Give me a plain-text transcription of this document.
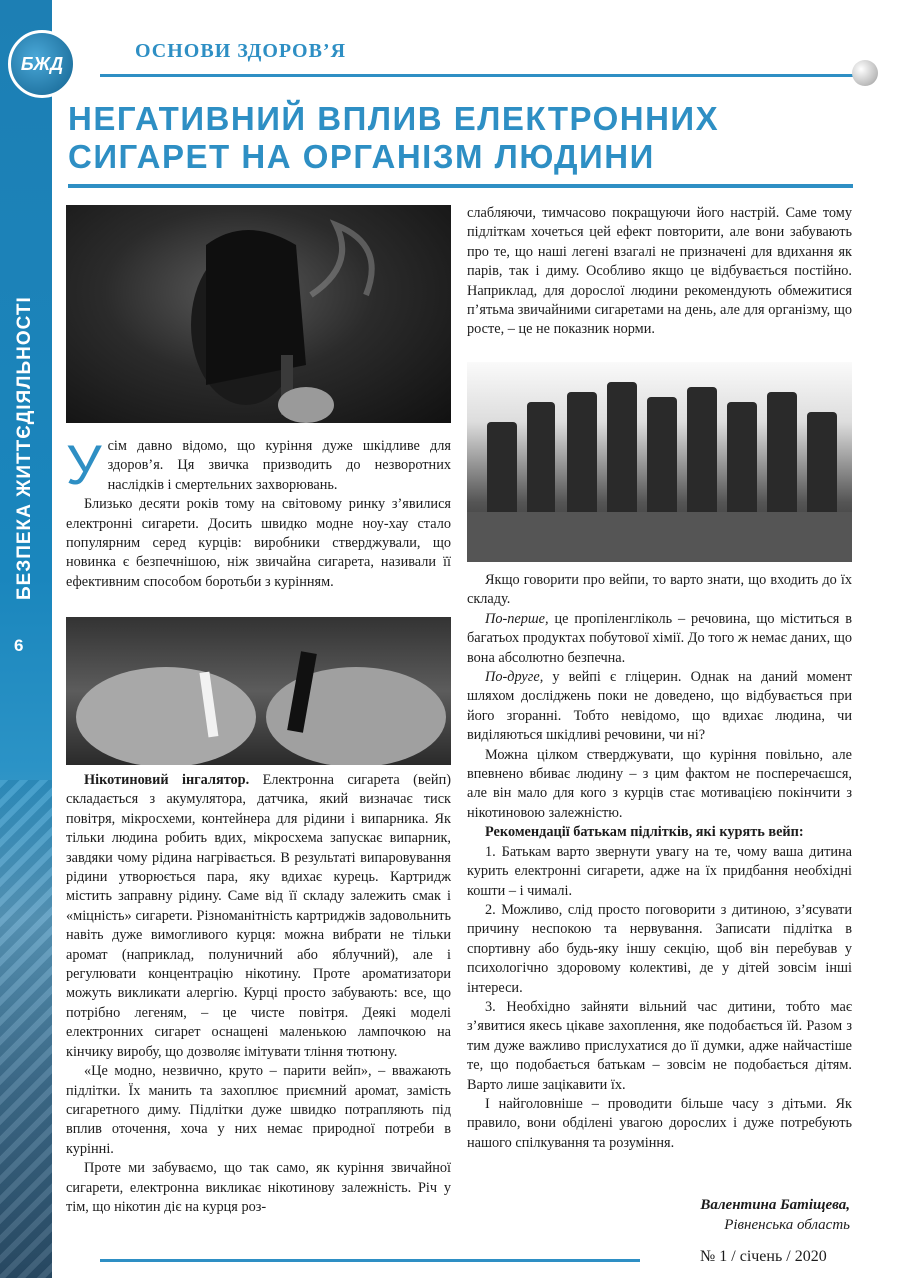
БЖД
6
ОСНОВИ ЗДОРОВ’Я
НЕГАТИВНИЙ ВПЛИВ ЕЛЕКТРОННИХ СИГАРЕТ НА ОРГАНІЗМ ЛЮДИНИ

Усім давно відомо, що куріння дуже шкідливе для здоров’я. Ця звичка призводить до незворотних наслідків і смертельних захворювань.

Близько десяти років тому на світовому ринку з’явилися електронні сигарети. Досить швидко модне ноу-хау стало популярним серед курців: виробники стверджували, що новинка є безпечнішою, ніж звичайна сигарета, називали її ефективним способом боротьби з курінням.

Нікотиновий інгалятор. Електронна сигарета (вейп) складається з акумулятора, датчика, який визначає тиск повітря, мікросхеми, контейнера для рідини і випарника. Як тільки людина робить вдих, мікросхема запускає випарник, завдяки чому рідина нагрівається. В результаті випаровування рідини утворюється пара, яку вдихає курець. Картридж містить заправну рідину. Саме від її складу залежить смак і «міцність» сигарети. Різноманітність картриджів задовольнить навіть дуже вимогливого курця: можна вибрати не тільки аромат (наприклад, полуничний або яблучний), але і регулювати концентрацію нікотину. Проте ароматизатори можуть викликати алергію. Курці просто забувають: все, що потрібно легеням, – це чисте повітря. Деякі моделі електронних сигарет оснащені маленькою лампочкою на кінчику виробу, що дозволяє імітувати тління тютюну.

«Це модно, незвично, круто – парити вейп», – вважають підлітки. Їх манить та захоплює приємний аромат, замість сигаретного диму. Підлітки дуже швидко потрапляють під вплив оточення, хоча у них немає природної потреби в курінні.

Проте ми забуваємо, що так само, як куріння звичайної сигарети, електронна викликає нікотинову залежність. Річ у тім, що нікотин діє на курця роз-

слабляючи, тимчасово покращуючи його настрій. Саме тому підліткам хочеться цей ефект повторити, але вони забувають про те, що наші легені взагалі не призначені для вдихання як парів, так і диму. Особливо якщо це відбувається постійно. Наприклад, для дорослої людини рекомендують обмежитися п’ятьма звичайними сигаретами на день, але для організму, що росте, – це не показник норми.

Якщо говорити про вейпи, то варто знати, що входить до їх складу.

По-перше, це пропіленгліколь – речовина, що міститься в багатьох продуктах побутової хімії. До того ж немає даних, що вона абсолютно безпечна.

По-друге, у вейпі є гліцерин. Однак на даний момент шляхом досліджень поки не доведено, що відбувається при його згоранні. Тобто невідомо, що вдихає людина, чи виділяються шкідливі речовини, чи ні?

Можна цілком стверджувати, що куріння повільно, але впевнено вбиває людину – з цим фактом не посперечаєшся, але він мало для кого з курців стає мотивацією покінчити з нікотиновою залежністю.

Рекомендації батькам підлітків, які курять вейп:

1. Батькам варто звернути увагу на те, чому ваша дитина курить електронні сигарети, адже на їх придбання необхідні кошти – і чималі.

2. Можливо, слід просто поговорити з дитиною, з’ясувати причину неспокою та нервування. Записати підлітка в спортивну або будь-яку іншу секцію, щоб він перебував у психологічно здоровому колективі, де у дітей зовсім інші інтереси.

3. Необхідно зайняти вільний час дитини, тобто має з’явитися якесь цікаве захоплення, яке подобається їй. Разом з тим дуже важливо прислухатися до її думки, адже найчастіше те, що подобається батькам – зовсім не подобається дітям. Варто лише зацікавити їх.

І найголовніше – проводити більше часу з дітьми. Як правило, вони обділені увагою дорослих і дуже потребують нашого спілкування та розуміння.

Валентина Батіщева,
Рівненська область
№ 1 / січень / 2020
